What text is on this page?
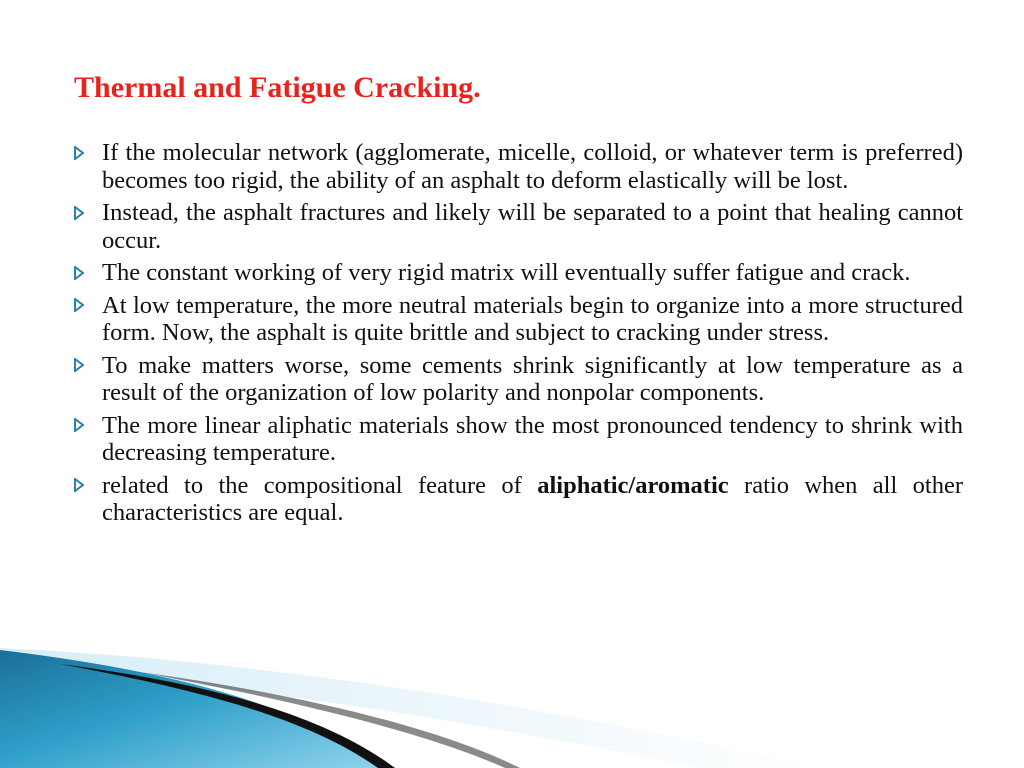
Thermal and Fatigue Cracking.
If the molecular network (agglomerate, micelle, colloid, or whatever term is preferred) becomes too rigid, the ability of an asphalt to deform elastically will be lost.
Instead, the asphalt fractures and likely will be separated to a point that healing cannot occur.
The constant working of very rigid matrix will eventually suffer fatigue and crack.
At low temperature, the more neutral materials begin to organize into a more structured form. Now, the asphalt is quite brittle and subject to cracking under stress.
To make matters worse, some cements shrink significantly at low temperature as a result of the organization of low polarity and nonpolar components.
The more linear aliphatic materials show the most pronounced tendency to shrink with decreasing temperature.
related to the compositional feature of aliphatic/aromatic ratio when all other characteristics are equal.
